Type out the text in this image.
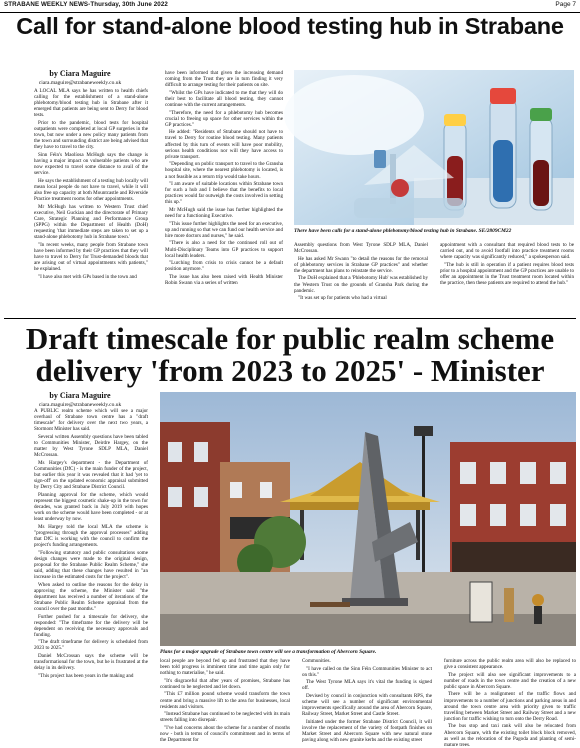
STRABANE WEEKLY NEWS-Thursday, 30th June 2022	Page 7
Call for stand-alone blood testing hub in Strabane
by Ciara Maguire
ciara.maguire@strabaneweekly.co.uk

A LOCAL MLA says he has written to health chiefs calling for the establishment of a stand-alone phlebotomy/blood testing hub in Strabane after it emerged that patients are being sent to Derry for blood tests.

Prior to the pandemic, blood tests for hospital outpatients were completed at local GP surgeries in the town, but now under a new policy many patients from the town and surrounding district are being advised that they have to travel to the city.

Sinn Féin's Maolíosa McHugh says the change is having a major impact on vulnerable patients who are now expected to travel some distance to avail of the service.

He says the establishment of a testing hub locally will mean local people do not have to travel, while it will also free up capacity at both Mountcastle and Riverside Practice treatment rooms for other appointments.

Mr McHugh has written to Western Trust chief executive, Neil Guckian and the directorate of Primary Care, Strategic Planning and Performance Group (SPPG) within the Department of Health (DoH) requesting 'that immediate steps are taken to set up a stand-alone phlebotomy hub in Strabane town.'

"In recent weeks, many people from Strabane town have been informed by their GP practices that they will have to travel to Derry for Trust-demanded bloods that are arising out of virtual appointments with patients," he explained.

"I have also met with GPs based in the town and

have been informed that given the increasing demand coming from the Trust they are in turn finding it very difficult to arrange testing for their patients on site.

"Whilst the GPs have indicated to me that they will do their best to facilitate all blood testing, they cannot continue with the current arrangements.

"Therefore, the need for a phlebotomy hub becomes crucial to freeing up space for other services within the GP practices."

He added: "Residents of Strabane should not have to travel to Derry for routine blood testing. Many patients affected by this turn of events will have poor mobility, serious health conditions nor will they have access to private transport.

"Depending on public transport to travel to the Gransha hospital site, where the nearest phlebotomy is located, is a not feasible as a return trip would take hours.

"I am aware of suitable locations within Strabane town for such a hub and I believe that the benefits to local practices would far outweigh the costs involved in setting this up."

Mr McHugh said the issue has further highlighted the need for a functioning Executive.

"This issue further highlights the need for an executive, up and running so that we can fund our health service and hire more doctors and nurses," he said.

"There is also a need for the continued roll out of Multi-Disciplinary Teams into GP practices to support local health leaders.

"Lurching from crisis to crisis cannot be a default position anymore."

The issue has also been raised with Health Minister Robin Swann via a series of written

There have been calls for a stand-alone phlebotomy/blood testing hub in Strabane. SE/2809CM22

Assembly questions from West Tyrone SDLP MLA, Daniel McCrossan.

He has asked Mr Swann "to detail the reasons for the removal of phlebotomy services in Strabane GP practices" and whether the department has plans to reinstate the service.

The DoH explained that a 'Phlebotomy Hub' was established by the Western Trust on the grounds of Gransha Park during the pandemic.

"It was set up for patients who had a virtual

appointment with a consultant that required blood tests to be carried out, and to avoid footfall into practice treatment rooms where capacity was significantly reduced," a spokesperson said.

"The hub is still in operation if a patient requires blood tests prior to a hospital appointment and the GP practices are unable to offer an appointment in the Trust treatment room located within the practice, then these patients are required to attend the hub."

Draft timescale for public realm scheme delivery 'from 2023 to 2025' - Minister
by Ciara Maguire
ciara.maguire@strabaneweekly.co.uk

A PUBLIC realm scheme which will see a major overhaul of Strabane town centre has a "draft timescale" for delivery over the next two years, a Stormont Minister has said.

Several written Assembly questions have been tabled to Communities Minister, Deirdre Hargey, on the matter by West Tyrone SDLP MLA, Daniel McCrossan.

Ms Hargey's department - the Department of Communities (DfC) - is the main funder of the project, but earlier this year it was revealed that it had 'yet to sign-off' on the updated economic appraisal submitted by Derry City and Strabane District Council.

Planning approval for the scheme, which would represent the biggest cosmetic shake-up in the town for decades, was granted back in July 2019 with hopes work on the scheme would have been completed - or at least underway by now.

Ms Hargey told the local MLA the scheme is "progressing through the approval processes" adding that DfC is working with the council to confirm the project's funding arrangements.

"Following statutory and public consultations some design changes were made to the original design, proposal for the Strabane Public Realm Scheme," she said, adding that these changes have resulted in "an increase in the estimated costs for the project".

When asked to outline the reasons for the delay in approving the scheme, the Minister said "the department has received a number of iterations of the Strabane Public Realm Scheme appraisal from the council over the past months."

Further pushed for a timescale for delivery, she responded: "The timeframe for the delivery will be dependent on receiving the necessary approvals and funding.

"The draft timeframe for delivery is scheduled from 2023 to 2025."

Daniel McCrossan says the scheme will be transformational for the town, but he is frustrated at the delay in its delivery.

"This project has been years in the making and

Plans for a major upgrade of Strabane town centre will see a transformation of Abercorn Square.

local people are beyond fed up and frustrated that they have been told progress is imminent time and time again only for nothing to materialise," he said.

"It's disgraceful that after years of promises, Strabane has continued to be neglected and let down.

"This £7 million pound scheme would transform the town centre and bring a massive lift to the area for businesses, local residents and visitors.

"Instead Strabane has continued to be neglected with its main streets falling into disrepair.

"I've had concerns about the scheme for a number of months now - both in terms of council's commitment and in terms of the Department for

Communities.

"I have called on the Sinn Féin Communities Minister to act on this."

The West Tyrone MLA says it's vital the funding is signed off.

Devised by council in conjunction with consultants RPS, the scheme will see a number of significant environmental improvements specifically around the area of Abercorn Square, Railway Street, Market Street and Castle Street.

Initiated under the former Strabane District Council, it will involve the replacement of the variety of footpath finishes on Market Street and Abercorn Square with new natural stone paving along with new granite kerbs and the existing street

furniture across the public realm area will also be replaced to give a consistent appearance.

The project will also see significant improvements to a number of roads in the town centre and the creation of a new public space in Abercorn Square.

There will be a realignment of the traffic flows and improvements to a number of junctions and parking areas in and around the town centre area with priority given to traffic travelling between Market Street and Railway Street and a new junction for traffic wishing to turn onto the Derry Road.

The bus stop and taxi rank will also be relocated from Abercorn Square, with the existing toilet block block removed, as well as the relocation of the Pagoda and planting of semi-mature trees.
